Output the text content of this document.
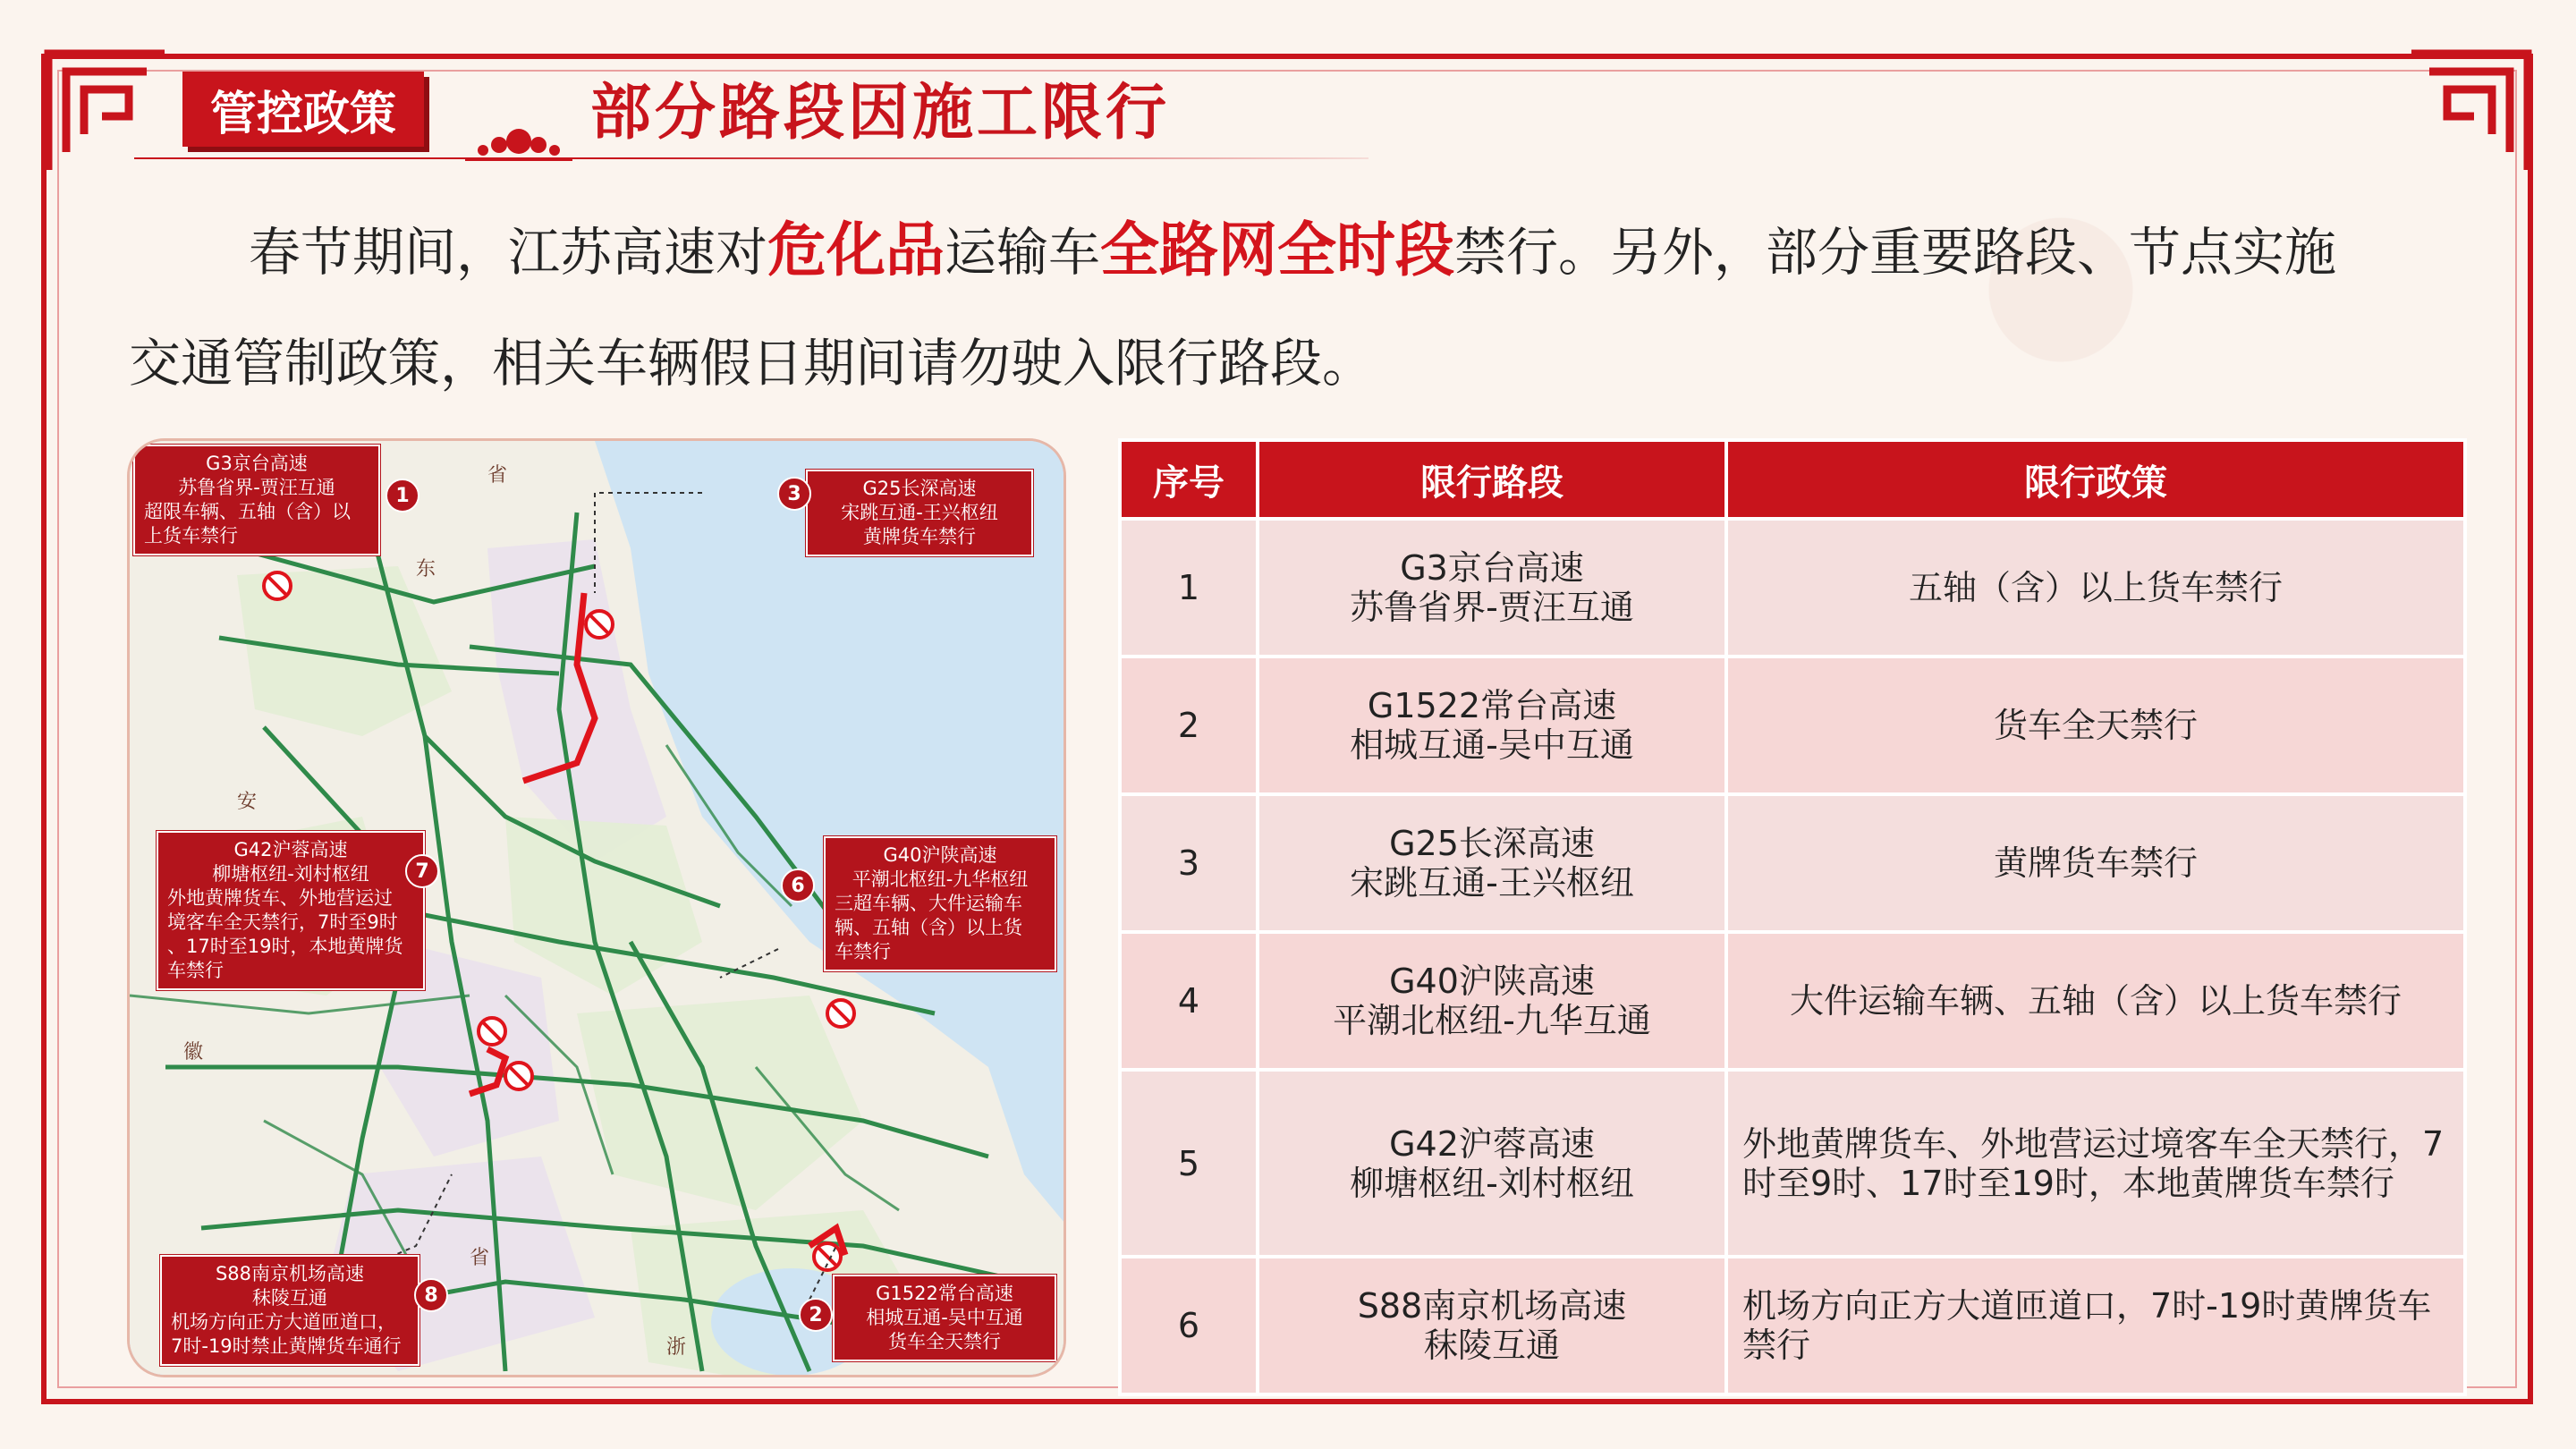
管控政策	部分路段因施工限行
春节期间，江苏高速对危化品运输车全路网全时段禁行。另外，部分重要路段、节点实施
交通管制政策，相关车辆假日期间请勿驶入限行路段。
省
东
安
徽
省
浙
G3京台高速
苏鲁省界-贾汪互通
超限车辆、五轴（含）以
上货车禁行
1	G25长深高速
宋跳互通-王兴枢纽
黄牌货车禁行
3
G42沪蓉高速
柳塘枢纽-刘村枢纽
外地黄牌货车、外地营运过
境客车全天禁行，7时至9时
、17时至19时，本地黄牌货
车禁行
7
G40沪陕高速
平潮北枢纽-九华枢纽
三超车辆、大件运输车
辆、五轴（含）以上货
车禁行
6
S88南京机场高速
秣陵互通
机场方向正方大道匝道口，
7时-19时禁止黄牌货车通行
8	G1522常台高速
相城互通-吴中互通
货车全天禁行
2
序号	限行路段	限行政策
1	G3京台高速
苏鲁省界-贾汪互通	五轴（含）以上货车禁行
2	G1522常台高速
相城互通-吴中互通	货车全天禁行
3	G25长深高速
宋跳互通-王兴枢纽	黄牌货车禁行
4	G40沪陕高速
平潮北枢纽-九华互通	大件运输车辆、五轴（含）以上货车禁行
5	G42沪蓉高速
柳塘枢纽-刘村枢纽	外地黄牌货车、外地营运过境客车全天禁行，7时至9时、17时至19时，本地黄牌货车禁行
6	S88南京机场高速
秣陵互通	机场方向正方大道匝道口，7时-19时黄牌货车禁行
